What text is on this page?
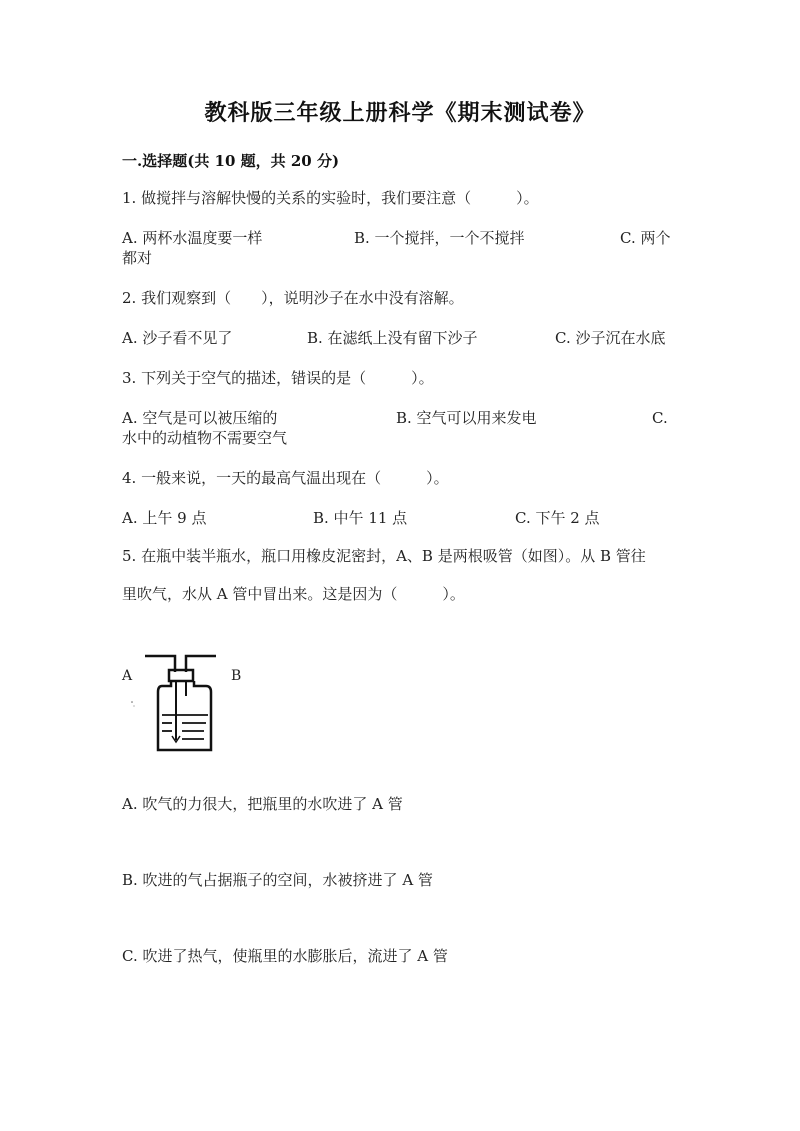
教科版三年级上册科学《期末测试卷》
一.选择题(共 10 题，共 20 分)
1. 做搅拌与溶解快慢的关系的实验时，我们要注意（　　　）。
A. 两杯水温度要一样	B. 一个搅拌，一个不搅拌	C. 两个
都对
2. 我们观察到（　　），说明沙子在水中没有溶解。
A. 沙子看不见了	B. 在滤纸上没有留下沙子	C. 沙子沉在水底
3. 下列关于空气的描述，错误的是（　　　）。
A. 空气是可以被压缩的	B. 空气可以用来发电	C.
水中的动植物不需要空气
4. 一般来说，一天的最高气温出现在（　　　）。
A. 上午 9 点	B. 中午 11 点	C. 下午 2 点
5. 在瓶中装半瓶水，瓶口用橡皮泥密封，A、B 是两根吸管（如图）。从 B 管往
里吹气，水从 A 管中冒出来。这是因为（　　　）。
A	B
A. 吹气的力很大，把瓶里的水吹进了 A 管
B. 吹进的气占据瓶子的空间，水被挤进了 A 管
C. 吹进了热气，使瓶里的水膨胀后，流进了 A 管
